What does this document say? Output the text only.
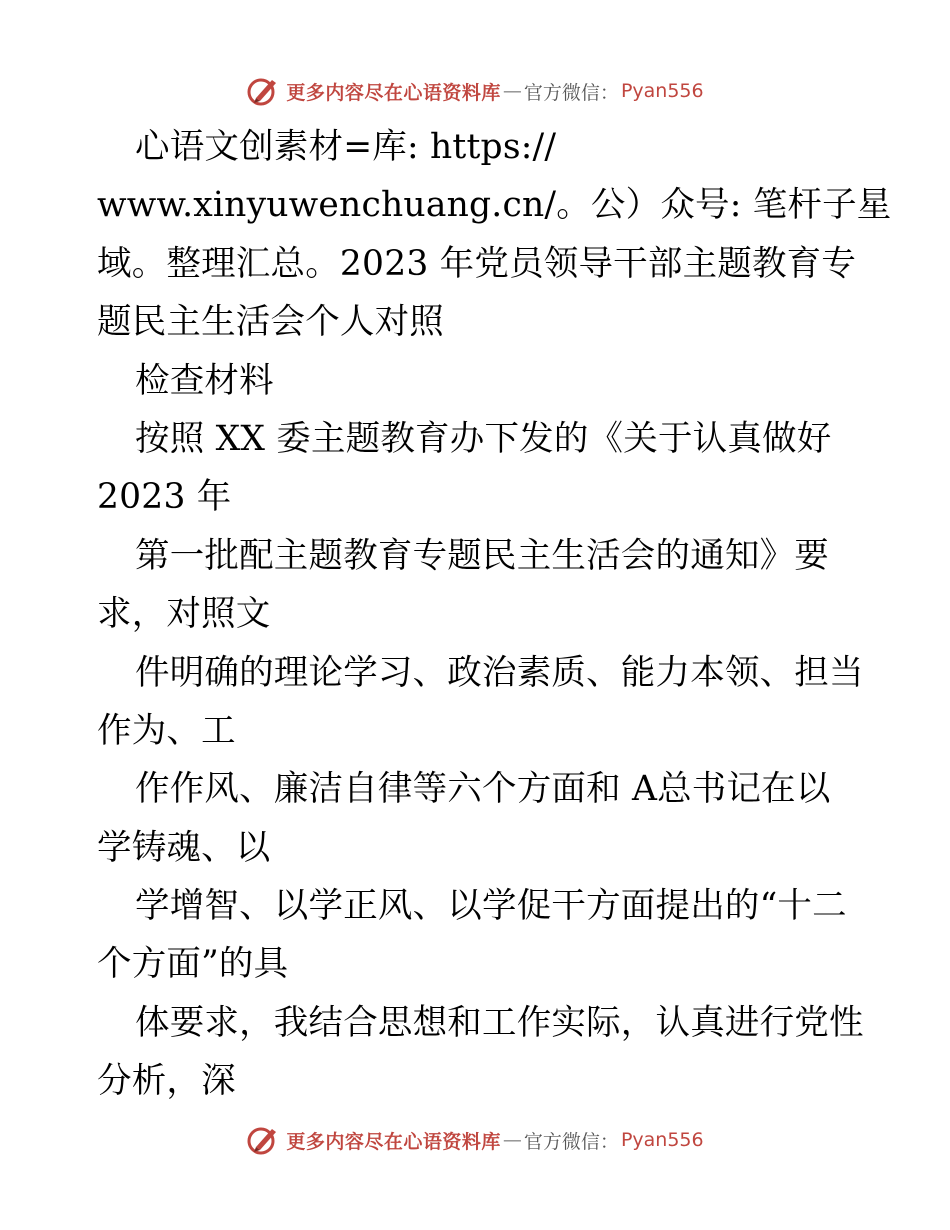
更多内容尽在心语资料库 — 官方微信： Pyan556
心语文创素材=库: https://
www.xinyuwenchuang.cn/。公）众号: 笔杆子星
域。整理汇总。2023 年党员领导干部主题教育专
题民主生活会个人对照
检查材料
按照 XX 委主题教育办下发的《关于认真做好
2023 年
第一批配主题教育专题民主生活会的通知》要
求，对照文
件明确的理论学习、政治素质、能力本领、担当
作为、工
作作风、廉洁自律等六个方面和 A总书记在以
学铸魂、以
学增智、以学正风、以学促干方面提出的“十二
个方面”的具
体要求，我结合思想和工作实际，认真进行党性
分析，深
更多内容尽在心语资料库 — 官方微信： Pyan556
